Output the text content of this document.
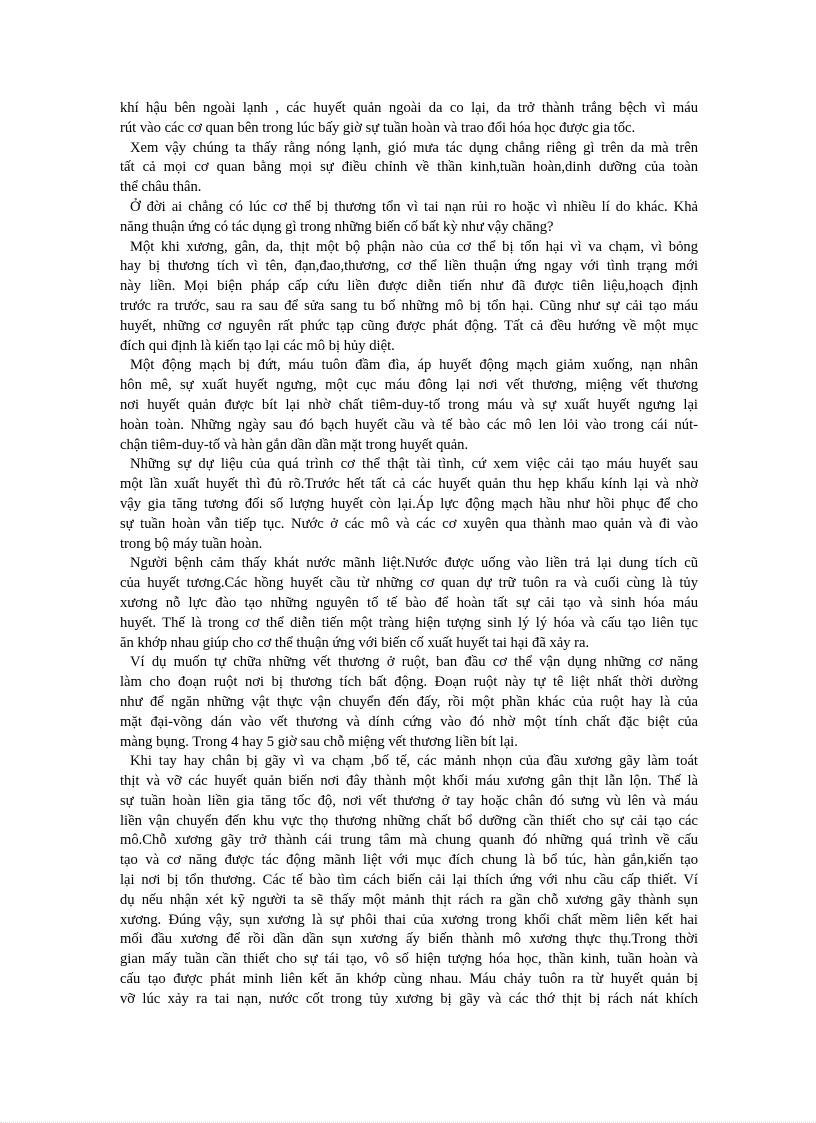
khí hậu bên ngoài lạnh , các huyết quản ngoài da co lại, da trở thành trắng bệch vì máu
rút vào các cơ quan bên trong lúc bấy giờ sự tuần hoàn và trao đổi hóa học được gia tốc.
Xem vậy chúng ta thấy rằng nóng lạnh, gió mưa tác dụng chẳng riêng gì trên da mà trên
tất cả mọi cơ quan bằng mọi sự điều chỉnh về thần kinh,tuần hoàn,dinh dưỡng của toàn
thể châu thân.
Ở đời ai chẳng có lúc cơ thể bị thương tổn vì tai nạn rủi ro hoặc vì nhiều lí do khác. Khả
năng thuận ứng có tác dụng gì trong những biến cố bất kỳ như vậy chăng?
Một khi xương, gân, da, thịt một bộ phận nào của cơ thể bị tổn hại vì va chạm, vì bỏng
hay bị thương tích vì tên, đạn,đao,thương, cơ thể liền thuận ứng ngay với tình trạng mới
này liền. Mọi biện pháp cấp cứu liền được diễn tiến như đã được tiên liệu,hoạch định
trước ra trước, sau ra sau để sửa sang tu bổ những mô bị tổn hại. Cũng như sự cải tạo máu
huyết, những cơ nguyên rất phức tạp cũng được phát động. Tất cả đều hướng về một mục
đích qui định là kiến tạo lại các mô bị hủy diệt.
Một động mạch bị đứt, máu tuôn đầm đìa, áp huyết động mạch giảm xuống, nạn nhân
hôn mê, sự xuất huyết ngưng, một cục máu đông lại nơi vết thương, miệng vết thương
nơi huyết quản được bít lại nhờ chất tiêm-duy-tố trong máu và sự xuất huyết ngưng lại
hoàn toàn. Những ngày sau đó bạch huyết cầu và tế bào các mô len lỏi vào trong cái nút-
chận tiêm-duy-tố và hàn gắn dần dần mặt trong huyết quản.
Những sự dự liệu của quá trình cơ thể thật tài tình, cứ xem việc cải tạo máu huyết sau
một lần xuất huyết thì đủ rõ.Trước hết tất cả các huyết quản thu hẹp khẩu kính lại và nhờ
vậy gia tăng tương đối số lượng huyết còn lại.Áp lực động mạch hầu như hồi phục để cho
sự tuần hoàn vẫn tiếp tục. Nước ở các mô và các cơ xuyên qua thành mao quản và đi vào
trong bộ máy tuần hoàn.
Người bệnh cảm thấy khát nước mãnh liệt.Nước được uống vào liền trả lại dung tích cũ
của huyết tương.Các hồng huyết cầu từ những cơ quan dự trữ tuôn ra và cuối cùng là tủy
xương nỗ lực đào tạo những nguyên tố tế bào để hoàn tất sự cải tạo và sinh hóa máu
huyết. Thế là trong cơ thể diễn tiến một tràng hiện tượng sinh lý lý hóa và cấu tạo liên tục
ăn khớp nhau giúp cho cơ thể thuận ứng với biến cố xuất huyết tai hại đã xảy ra.
Ví dụ muốn tự chữa những vết thương ở ruột, ban đầu cơ thể vận dụng những cơ năng
làm cho đoạn ruột nơi bị thương tích bất động. Đoạn ruột này tự tê liệt nhất thời dường
như để ngăn những vật thực vận chuyển đến đấy, rồi một phần khác của ruột hay là của
mặt đại-võng dán vào vết thương và dính cứng vào đó nhờ một tính chất đặc biệt của
màng bụng. Trong 4 hay 5 giờ sau chỗ miệng vết thương liền bít lại.
Khi tay hay chân bị gãy vì va chạm ,bố tế, các mảnh nhọn của đầu xương gãy làm toát
thịt và vỡ các huyết quản biến nơi đây thành một khối máu xương gân thịt lẫn lộn. Thế là
sự tuần hoàn liền gia tăng tốc độ, nơi vết thương ở tay hoặc chân đó sưng vù lên và máu
liền vận chuyển đến khu vực thọ thương những chất bổ dưỡng cần thiết cho sự cải tạo các
mô.Chỗ xương gãy trở thành cái trung tâm mà chung quanh đó những quá trình về cấu
tạo và cơ năng được tác động mãnh liệt với mục đích chung là bổ túc, hàn gắn,kiến tạo
lại nơi bị tổn thương. Các tế bào tìm cách biến cải lại thích ứng với nhu cầu cấp thiết. Ví
dụ nếu nhận xét kỹ người ta sẽ thấy một mảnh thịt rách ra gần chỗ xương gãy thành sụn
xương. Đúng vậy, sụn xương là sự phôi thai của xương trong khối chất mềm liên kết hai
mối đầu xương để rồi dần dần sụn xương ấy biến thành mô xương thực thụ.Trong thời
gian mấy tuần cần thiết cho sự tái tạo, vô số hiện tượng hóa học, thần kinh, tuần hoàn và
cấu tạo được phát minh liên kết ăn khớp cùng nhau. Máu chảy tuôn ra từ huyết quản bị
vỡ lúc xảy ra tai nạn, nước cốt trong tủy xương bị gãy và các thớ thịt bị rách nát khích
